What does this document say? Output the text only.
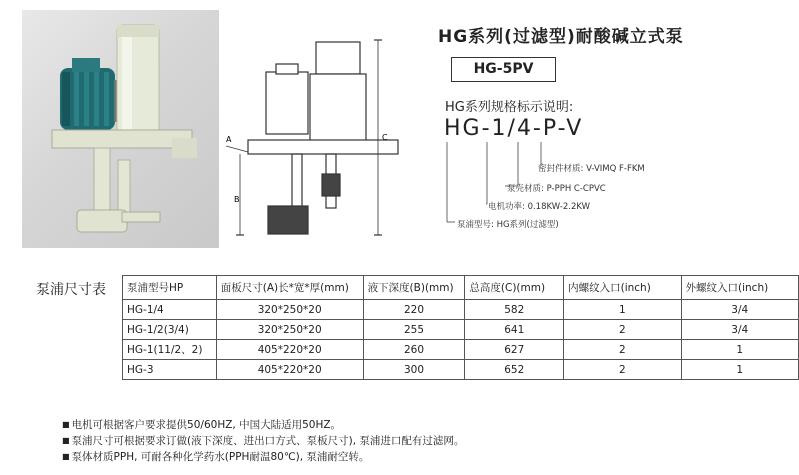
A
B
C
HG系列(过滤型)耐酸碱立式泵
HG-5PV
HG系列规格标示说明:
HG-1/4-P-V
密封件材质: V-VIMQ F-FKM
泵壳材质: P-PPH C-CPVC
电机功率: 0.18KW-2.2KW
泵浦型号: HG系列(过滤型)
泵浦尺寸表 泵浦型号HP	面板尺寸(A)长*宽*厚(mm)	液下深度(B)(mm)	总高度(C)(mm)	内螺纹入口(inch)	外螺纹入口(inch)
HG-1/4	320*250*20	220	582	1	3/4
HG-1/2(3/4)	320*250*20	255	641	2	3/4
HG-1(11/2、2)	405*220*20	260	627	2	1
HG-3	405*220*20	300	652	2	1
■ 电机可根据客户要求提供50/60HZ, 中国大陆适用50HZ。
■ 泵浦尺寸可根据要求订做(液下深度、进出口方式、泵板尺寸), 泵浦进口配有过滤网。
■ 泵体材质PPH, 可耐各种化学药水(PPH耐温80℃), 泵浦耐空转。
